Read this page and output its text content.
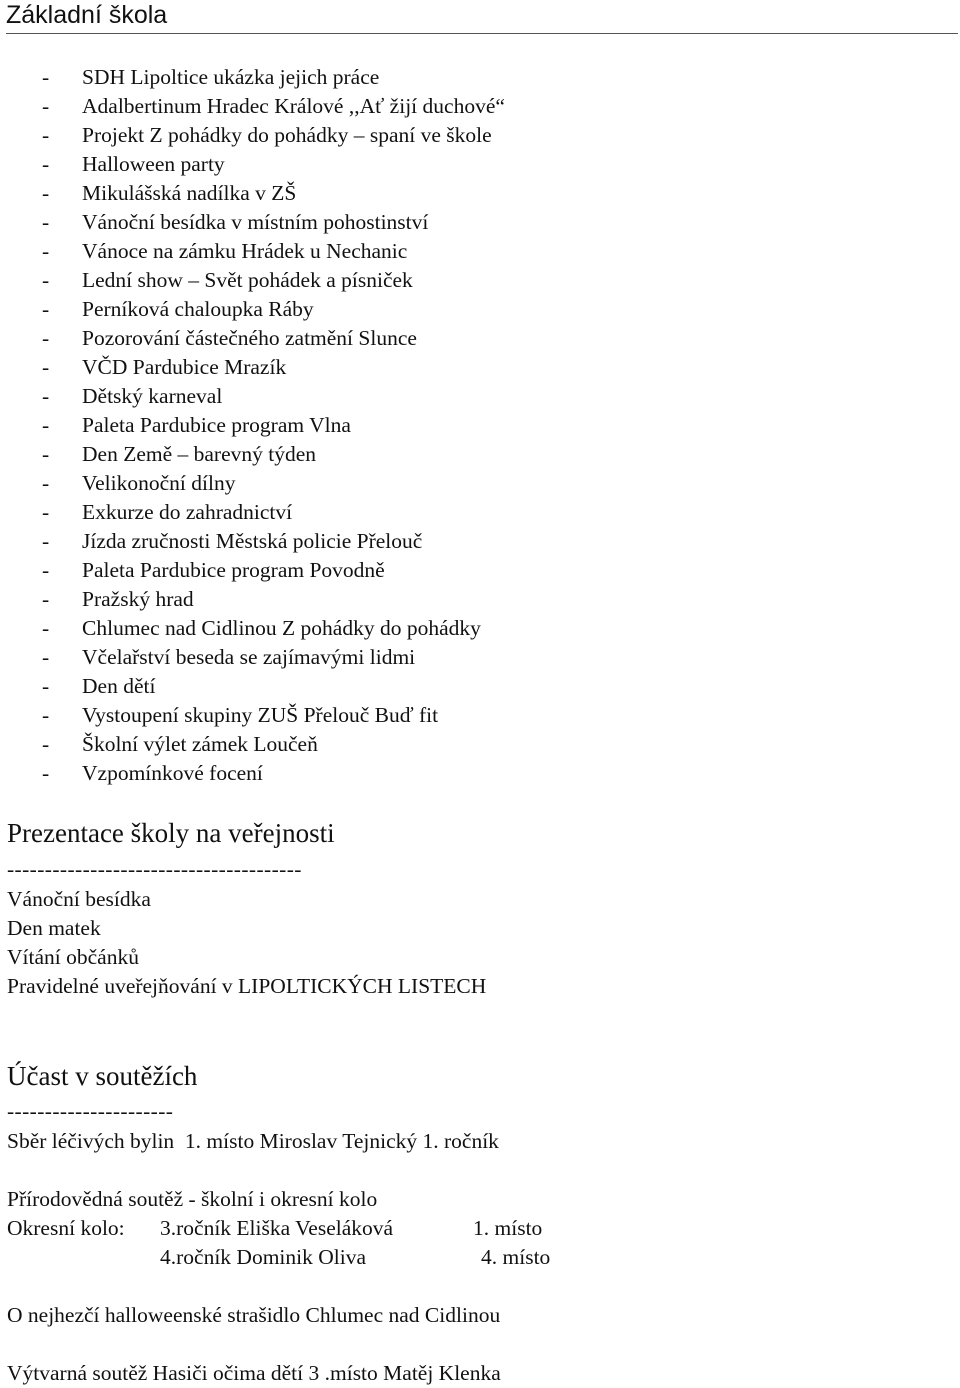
Základní škola
- SDH Lipoltice ukázka jejich práce
- Adalbertinum Hradec Králové ,,Ať žijí duchové“
- Projekt Z pohádky do pohádky – spaní ve škole
- Halloween party
- Mikulášská nadílka v ZŠ
- Vánoční besídka v místním pohostinství
- Vánoce na zámku Hrádek u Nechanic
- Lední show – Svět pohádek a písniček
- Perníková chaloupka Ráby
- Pozorování částečného zatmění Slunce
- VČD Pardubice Mrazík
- Dětský karneval
- Paleta Pardubice program Vlna
- Den Země – barevný týden
- Velikonoční dílny
- Exkurze do zahradnictví
- Jízda zručnosti Městská policie Přelouč
- Paleta Pardubice program Povodně
- Pražský hrad
- Chlumec nad Cidlinou Z pohádky do pohádky
- Včelařství beseda se zajímavými lidmi
- Den dětí
- Vystoupení skupiny ZUŠ Přelouč Buď fit
- Školní výlet zámek Loučeň
- Vzpomínkové focení
Prezentace školy na veřejnosti
---------------------------------------
Vánoční besídka
Den matek
Vítání občánků
Pravidelné uveřejňování v LIPOLTICKÝCH LISTECH
Účast v soutěžích
----------------------
Sběr léčivých bylin  1. místo Miroslav Tejnický 1. ročník
Přírodovědná soutěž - školní i okresní kolo
Okresní kolo: 3.ročník Eliška Veseláková	1. místo
4.ročník Dominik Oliva	4. místo
O nejhezčí halloweenské strašidlo Chlumec nad Cidlinou
Výtvarná soutěž Hasiči očima dětí 3 .místo Matěj Klenka
